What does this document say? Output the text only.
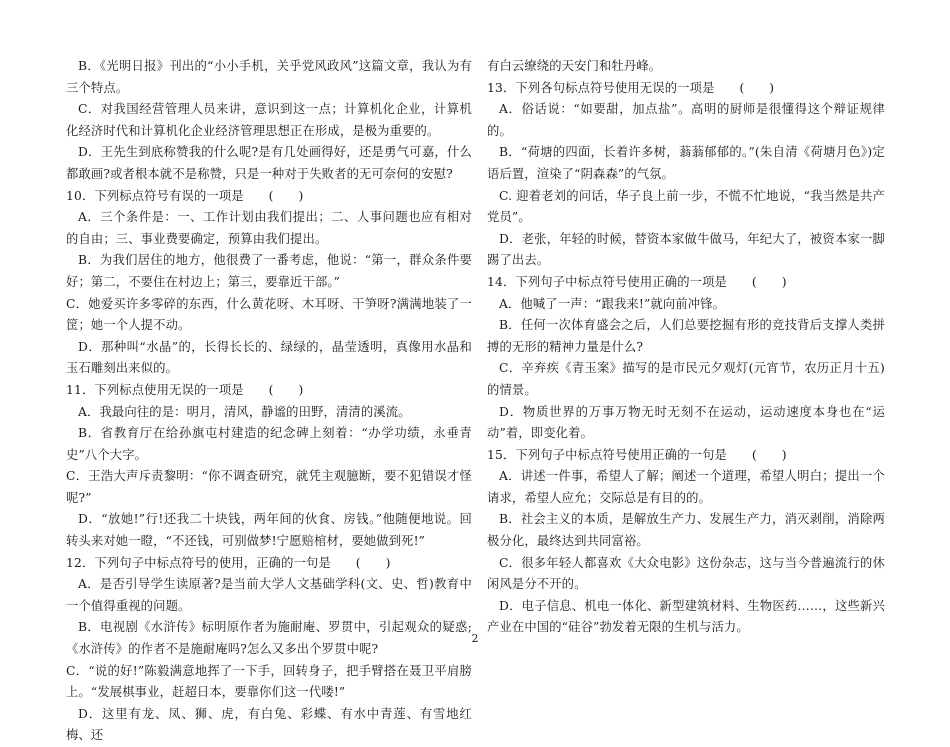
B．《光明日报》刊出的“小小手机，关乎党风政风”这篇文章，我认为有三个特点。

C．对我国经营管理人员来讲，意识到这一点；计算机化企业，计算机化经济时代和计算机化企业经济管理思想正在形成，是极为重要的。

D．王先生到底称赞我的什么呢?是有几处画得好，还是勇气可嘉，什么都敢画?或者根本就不是称赞，只是一种对于失败者的无可奈何的安慰?

10．下列标点符号有误的一项是　　(　　)

A．三个条件是：一、工作计划由我们提出；二、人事问题也应有相对的自由；三、事业费要确定，预算由我们提出。

B．为我们居住的地方，他很费了一番考虑，他说：“第一，群众条件要好；第二，不要住在村边上；第三，要靠近干部。”

C．她爱买许多零碎的东西，什么黄花呀、木耳呀、干笋呀?满满地装了一筐；她一个人提不动。

D．那种叫“水晶”的，长得长长的、绿绿的，晶莹透明，真像用水晶和玉石雕刻出来似的。

11．下列标点使用无误的一项是　　(　　)

A．我最向往的是：明月，清风，静谧的田野，清清的溪流。

B．省教育厅在给孙旗屯村建造的纪念碑上刻着：“办学功绩，永垂青史”八个大字。

C．王浩大声斥责黎明：“你不调查研究，就凭主观臆断，要不犯错误才怪呢?”

D．“放她!”行!还我二十块钱，两年间的伙食、房钱。”他随便地说。回转头来对她一瞪，“不还钱，可别做梦!宁愿赔棺材，要她做到死!”

12．下列句子中标点符号的使用，正确的一句是　　(　　)

A．是否引导学生读原著?是当前大学人文基础学科(文、史、哲)教育中一个值得重视的问题。

B．电视剧《水浒传》标明原作者为施耐庵、罗贯中，引起观众的疑惑;《水浒传》的作者不是施耐庵吗?怎么又多出个罗贯中呢?

C．“说的好!”陈毅满意地挥了一下手，回转身子，把手臂搭在聂卫平肩膀上。“发展棋事业，赶超日本，要靠你们这一代喽!”

D．这里有龙、凤、狮、虎，有白兔、彩蝶、有水中青莲、有雪地红梅、还

有白云缭绕的天安门和牡丹峰。

13．下列各句标点符号使用无误的一项是　　(　　)

A．俗话说：“如要甜，加点盐”。高明的厨师是很懂得这个辩证规律的。

B．“荷塘的四面，长着许多树，蓊蓊郁郁的。”(朱自清《荷塘月色》)定语后置，渲染了“阴森森”的气氛。

C. 迎着老刘的问话，华子良上前一步，不慌不忙地说，“我当然是共产党员”。

D．老张，年轻的时候，替资本家做牛做马，年纪大了，被资本家一脚踢了出去。

14．下列句子中标点符号使用正确的一项是　　(　　)

A．他喊了一声：“跟我来!”就向前冲锋。

B．任何一次体育盛会之后，人们总要挖掘有形的竞技背后支撑人类拼搏的无形的精神力量是什么?

C．辛弃疾《青玉案》描写的是市民元夕观灯(元宵节，农历正月十五)的情景。

D．物质世界的万事万物无时无刻不在运动，运动速度本身也在“运动”着，即变化着。

15．下列句子中标点符号使用正确的一句是　　(　　)

A．讲述一件事，希望人了解；阐述一个道理，希望人明白；提出一个请求，希望人应允；交际总是有目的的。

B．社会主义的本质，是解放生产力、发展生产力，消灭剥削，消除两极分化，最终达到共同富裕。

C．很多年轻人都喜欢《大众电影》这份杂志，这与当今普遍流行的休闲风是分不开的。

D．电子信息、机电一体化、新型建筑材料、生物医药……，这些新兴产业在中国的“硅谷”勃发着无限的生机与活力。

2
